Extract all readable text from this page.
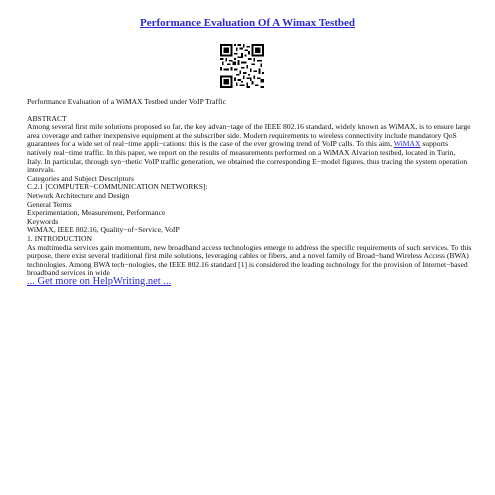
Performance Evaluation Of A Wimax Testbed

Performance Evaluation of a WiMAX Testbed under VoIP Traffic

ABSTRACT

Among several first mile solutions proposed so far, the key advan−tage of the IEEE 802.16 standard, widely known as WiMAX, is to ensure large area coverage and rather inexpensive equipment at the subscriber side. Modern requirements to wireless connectivity include mandatory QoS guarantees for a wide set of real−time appli−cations: this is the case of the ever growing trend of VoIP calls. To this aim, WiMAX supports natively real−time traffic. In this paper, we report on the results of measurements performed on a WiMAX Alvarion testbed, located in Turin, Italy. In particular, through syn−thetic VoIP traffic generation, we obtained the corresponding E−model figures, thus tracing the system operation intervals.

Categories and Subject Descriptors

C.2.1 [COMPUTER−COMMUNICATION NETWORKS]:

Network Architecture and Design

General Terms

Experimentation, Measurement, Performance

Keywords

WiMAX, IEEE 802.16, Quality−of−Service, VoIP

1. INTRODUCTION

As multimedia services gain momentum, new broadband access technologies emerge to address the specific requirements of such services. To this purpose, there exist several traditional first mile solutions, leveraging cables or fibers, and a novel family of Broad−band Wireless Access (BWA) technologies. Among BWA tech−nologies, the IEEE 802.16 standard [1] is considered the leading technology for the provision of Internet−based broadband services in wide

... Get more on HelpWriting.net ...
